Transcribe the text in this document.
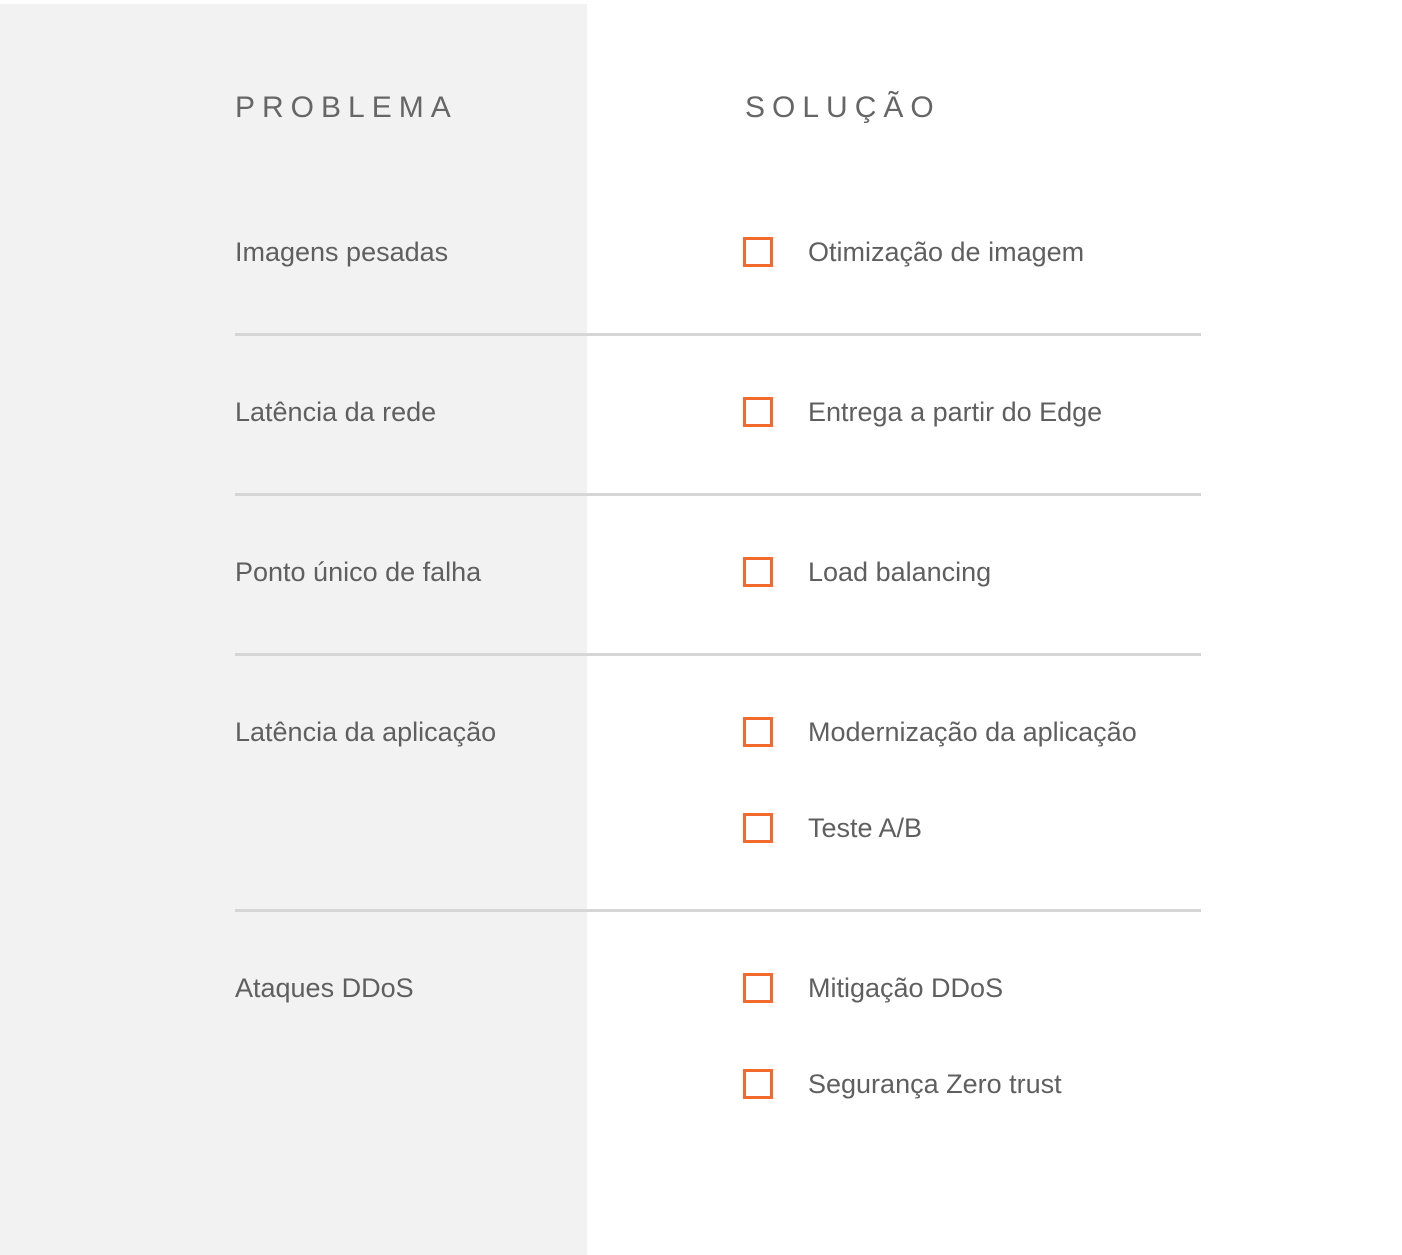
PROBLEMA	SOLUÇÃO
Imagens pesadas	Otimização de imagem
Latência da rede	Entrega a partir do Edge
Ponto único de falha	Load balancing
Latência da aplicação	Modernização da aplicação
Teste A/B
Ataques DDoS	Mitigação DDoS
Segurança Zero trust
